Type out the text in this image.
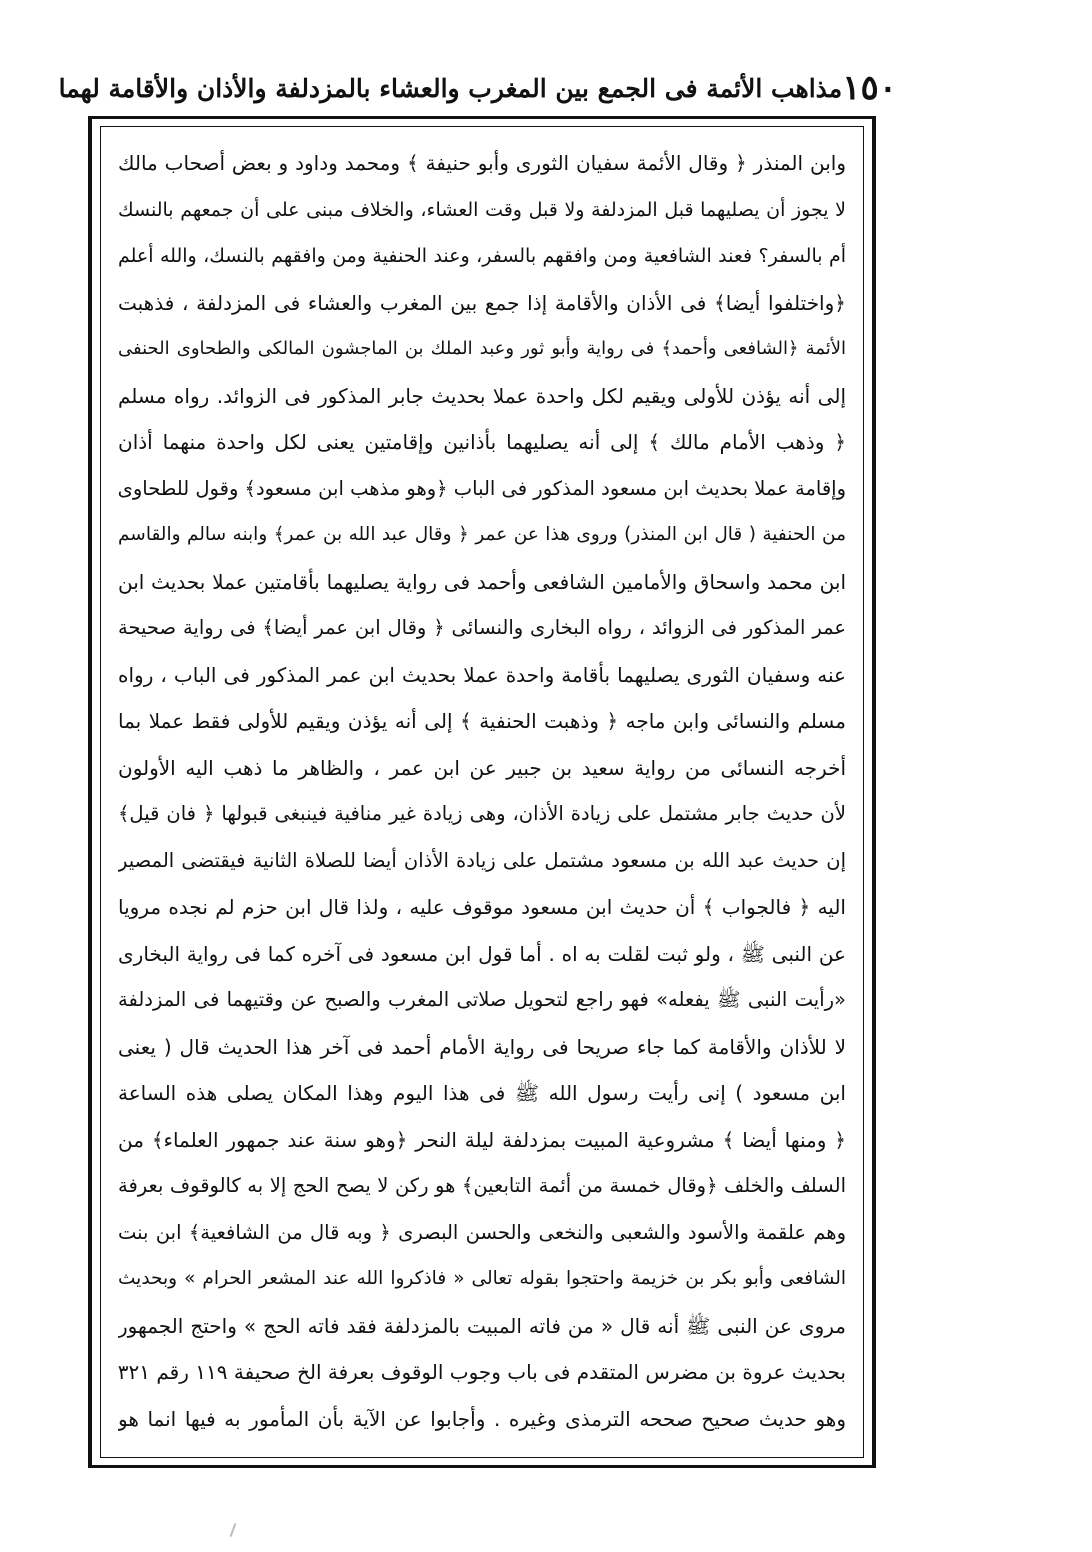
١٥٠
مذاهب الأئمة فى الجمع بين المغرب والعشاء بالمزدلفة والأذان والأقامة لهما
وابن المنذر ﴿ وقال الأئمة سفيان الثورى وأبو حنيفة ﴾ ومحمد وداود و بعض أصحاب مالك
لا يجوز أن يصليهما قبل المزدلفة ولا قبل وقت العشاء، والخلاف مبنى على أن جمعهم بالنسك
أم بالسفر؟ فعند الشافعية ومن وافقهم بالسفر، وعند الحنفية ومن وافقهم بالنسك، والله أعلم
﴿واختلفوا أيضا﴾ فى الأذان والأقامة إذا جمع بين المغرب والعشاء فى المزدلفة ، فذهبت
الأئمة ﴿الشافعى وأحمد﴾ فى رواية وأبو ثور وعبد الملك بن الماجشون المالكى والطحاوى الحنفى
إلى أنه يؤذن للأولى ويقيم لكل واحدة عملا بحديث جابر المذكور فى الزوائد. رواه مسلم
﴿ وذهب الأمام مالك ﴾ إلى أنه يصليهما بأذانين وإقامتين يعنى لكل واحدة منهما أذان
وإقامة عملا بحديث ابن مسعود المذكور فى الباب ﴿وهو مذهب ابن مسعود﴾ وقول للطحاوى
من الحنفية ( قال ابن المنذر) وروى هذا عن عمر ﴿ وقال عبد الله بن عمر﴾ وابنه سالم والقاسم
ابن محمد واسحاق والأمامين الشافعى وأحمد فى رواية يصليهما بأقامتين عملا بحديث ابن
عمر المذكور فى الزوائد ، رواه البخارى والنسائى ﴿ وقال ابن عمر أيضا﴾ فى رواية صحيحة
عنه وسفيان الثورى يصليهما بأقامة واحدة عملا بحديث ابن عمر المذكور فى الباب ، رواه
مسلم والنسائى وابن ماجه ﴿ وذهبت الحنفية ﴾ إلى أنه يؤذن ويقيم للأولى فقط عملا بما
أخرجه النسائى من رواية سعيد بن جبير عن ابن عمر ، والظاهر ما ذهب اليه الأولون
لأن حديث جابر مشتمل على زيادة الأذان، وهى زيادة غير منافية فينبغى قبولها ﴿ فان قيل﴾
إن حديث عبد الله بن مسعود مشتمل على زيادة الأذان أيضا للصلاة الثانية فيقتضى المصير
اليه ﴿ فالجواب ﴾ أن حديث ابن مسعود موقوف عليه ، ولذا قال ابن حزم لم نجده مرويا
عن النبى ﷺ ، ولو ثبت لقلت به اه . أما قول ابن مسعود فى آخره كما فى رواية البخارى
«رأيت النبى ﷺ يفعله» فهو راجع لتحويل صلاتى المغرب والصبح عن وقتيهما فى المزدلفة
لا للأذان والأقامة كما جاء صريحا فى رواية الأمام أحمد فى آخر هذا الحديث قال ( يعنى
ابن مسعود ) إنى رأيت رسول الله ﷺ فى هذا اليوم وهذا المكان يصلى هذه الساعة
﴿ ومنها أيضا ﴾ مشروعية المبيت بمزدلفة ليلة النحر ﴿وهو سنة عند جمهور العلماء﴾ من
السلف والخلف ﴿وقال خمسة من أئمة التابعين﴾ هو ركن لا يصح الحج إلا به كالوقوف بعرفة
وهم علقمة والأسود والشعبى والنخعى والحسن البصرى ﴿ وبه قال من الشافعية﴾ ابن بنت
الشافعى وأبو بكر بن خزيمة واحتجوا بقوله تعالى « فاذكروا الله عند المشعر الحرام » وبحديث
مروى عن النبى ﷺ أنه قال « من فاته المبيت بالمزدلفة فقد فاته الحج » واحتج الجمهور
بحديث عروة بن مضرس المتقدم فى باب وجوب الوقوف بعرفة الخ صحيفة ١١٩ رقم ٣٢١
وهو حديث صحيح صححه الترمذى وغيره . وأجابوا عن الآية بأن المأمور به فيها انما هو
